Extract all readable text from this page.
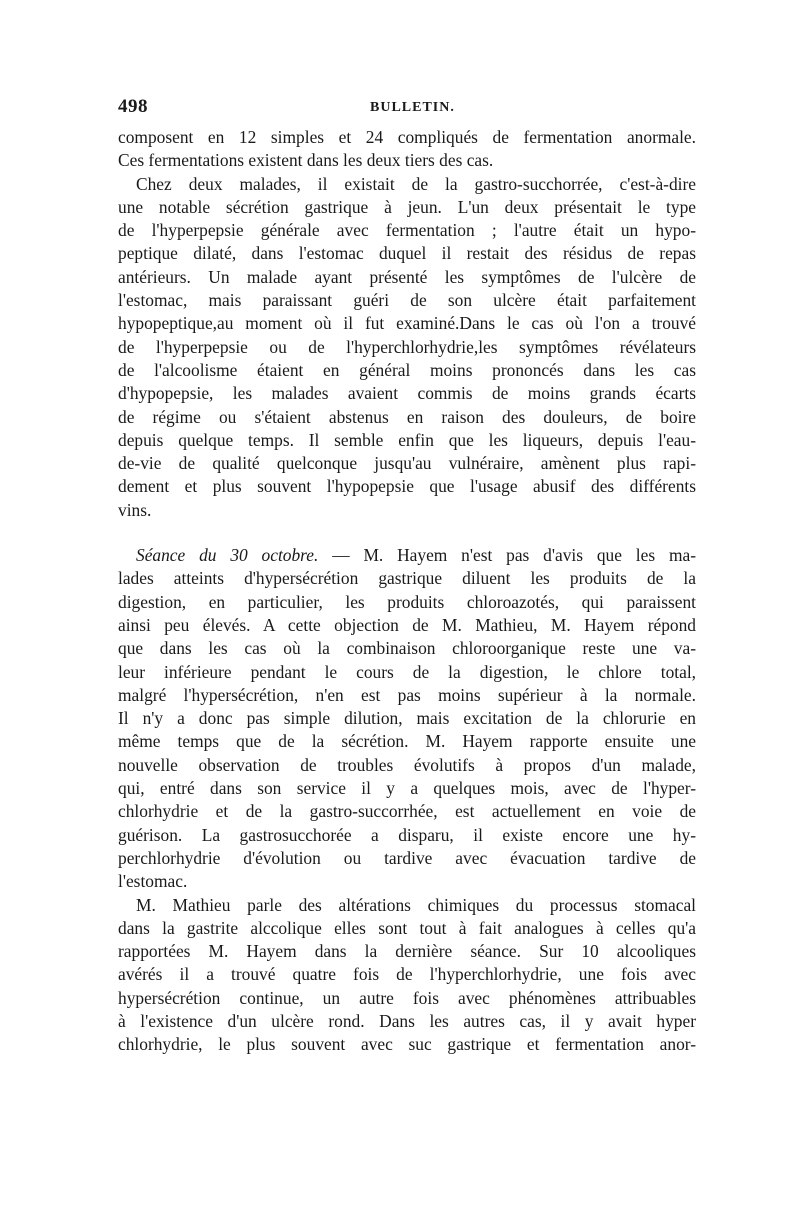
498	BULLETIN.

composent en 12 simples et 24 compliqués de fermentation anormale.
Ces fermentations existent dans les deux tiers des cas.

Chez deux malades, il existait de la gastro-succhorrée, c'est-à-dire
une notable sécrétion gastrique à jeun. L'un deux présentait le type
de l'hyperpepsie générale avec fermentation ; l'autre était un hypo-
peptique dilaté, dans l'estomac duquel il restait des résidus de repas
antérieurs. Un malade ayant présenté les symptômes de l'ulcère de
l'estomac, mais paraissant guéri de son ulcère était parfaitement
hypopeptique,au moment où il fut examiné.Dans le cas où l'on a trouvé
de l'hyperpepsie ou de l'hyperchlorhydrie,les symptômes révélateurs
de l'alcoolisme étaient en général moins prononcés dans les cas
d'hypopepsie, les malades avaient commis de moins grands écarts
de régime ou s'étaient abstenus en raison des douleurs, de boire
depuis quelque temps. Il semble enfin que les liqueurs, depuis l'eau-
de-vie de qualité quelconque jusqu'au vulnéraire, amènent plus rapi-
dement et plus souvent l'hypopepsie que l'usage abusif des différents
vins.

Séance du 30 octobre. — M. Hayem n'est pas d'avis que les ma-
lades atteints d'hypersécrétion gastrique diluent les produits de la
digestion, en particulier, les produits chloroazotés, qui paraissent
ainsi peu élevés. A cette objection de M. Mathieu, M. Hayem répond
que dans les cas où la combinaison chloroorganique reste une va-
leur inférieure pendant le cours de la digestion, le chlore total,
malgré l'hypersécrétion, n'en est pas moins supérieur à la normale.
Il n'y a donc pas simple dilution, mais excitation de la chlorurie en
même temps que de la sécrétion. M. Hayem rapporte ensuite une
nouvelle observation de troubles évolutifs à propos d'un malade,
qui, entré dans son service il y a quelques mois, avec de l'hyper-
chlorhydrie et de la gastro-succorrhée, est actuellement en voie de
guérison. La gastrosucchorée a disparu, il existe encore une hy-
perchlorhydrie d'évolution ou tardive avec évacuation tardive de
l'estomac.

M. Mathieu parle des altérations chimiques du processus stomacal
dans la gastrite alccolique elles sont tout à fait analogues à celles qu'a
rapportées M. Hayem dans la dernière séance. Sur 10 alcooliques
avérés il a trouvé quatre fois de l'hyperchlorhydrie, une fois avec
hypersécrétion continue, un autre fois avec phénomènes attribuables
à l'existence d'un ulcère rond. Dans les autres cas, il y avait hyper
chlorhydrie, le plus souvent avec suc gastrique et fermentation anor-
